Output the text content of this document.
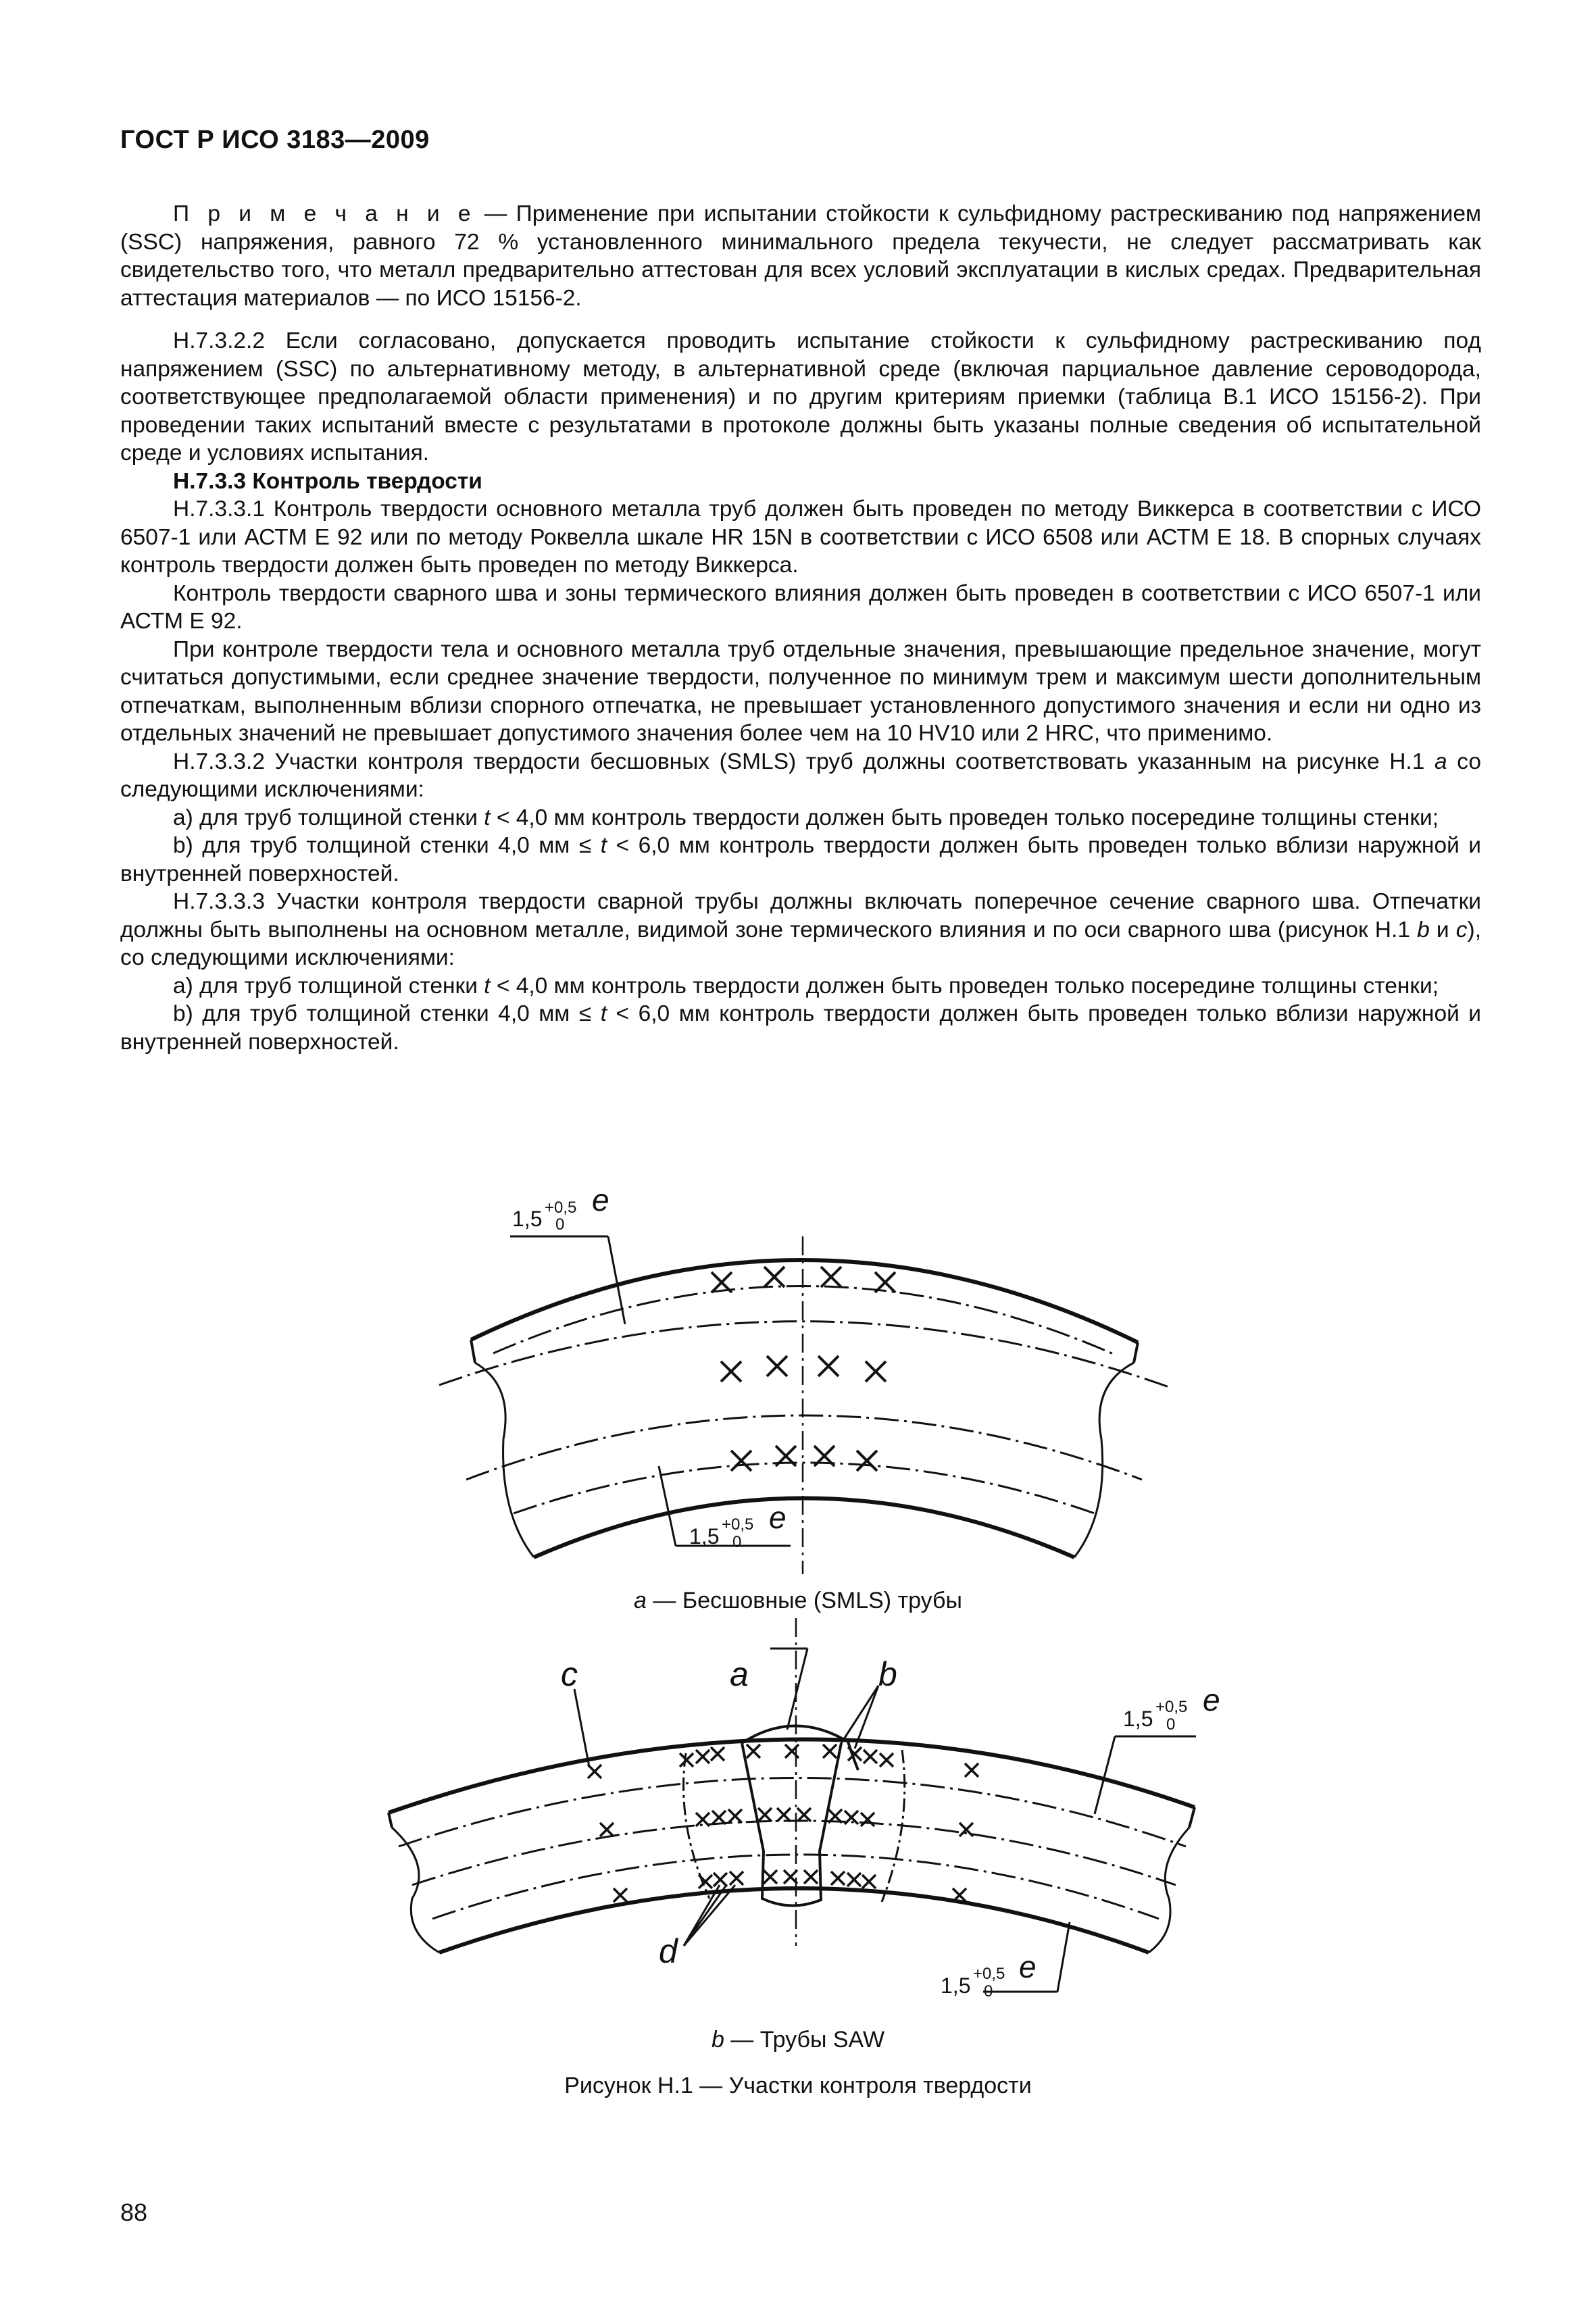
ГОСТ Р ИСО 3183—2009

П р и м е ч а н и е — Применение при испытании стойкости к сульфидному растрескиванию под напряжением (SSC) напряжения, равного 72 % установленного минимального предела текучести, не следует рассматривать как свидетельство того, что металл предварительно аттестован для всех условий эксплуатации в кислых средах. Предварительная аттестация материалов — по ИСО 15156-2.

Н.7.3.2.2 Если согласовано, допускается проводить испытание стойкости к сульфидному растрескиванию под напряжением (SSC) по альтернативному методу, в альтернативной среде (включая парциальное давление сероводорода, соответствующее предполагаемой области применения) и по другим критериям приемки (таблица В.1 ИСО 15156-2). При проведении таких испытаний вместе с результатами в протоколе должны быть указаны полные сведения об испытательной среде и условиях испытания.

Н.7.3.3 Контроль твердости

Н.7.3.3.1 Контроль твердости основного металла труб должен быть проведен по методу Виккерса в соответствии с ИСО 6507-1 или АСТМ Е 92 или по методу Роквелла шкале HR 15N в соответствии с ИСО 6508 или АСТМ Е 18. В спорных случаях контроль твердости должен быть проведен по методу Виккерса.

Контроль твердости сварного шва и зоны термического влияния должен быть проведен в соответствии с ИСО 6507-1 или АСТМ Е 92.

При контроле твердости тела и основного металла труб отдельные значения, превышающие предельное значение, могут считаться допустимыми, если среднее значение твердости, полученное по минимум трем и максимум шести дополнительным отпечаткам, выполненным вблизи спорного отпечатка, не превышает установленного допустимого значения и если ни одно из отдельных значений не превышает допустимого значения более чем на 10 HV10 или 2 HRC, что применимо.

Н.7.3.3.2 Участки контроля твердости бесшовных (SMLS) труб должны соответствовать указанным на рисунке Н.1 а со следующими исключениями:

а) для труб толщиной стенки t < 4,0 мм контроль твердости должен быть проведен только посередине толщины стенки;

b) для труб толщиной стенки 4,0 мм ≤ t < 6,0 мм контроль твердости должен быть проведен только вблизи наружной и внутренней поверхностей.

Н.7.3.3.3 Участки контроля твердости сварной трубы должны включать поперечное сечение сварного шва. Отпечатки должны быть выполнены на основном металле, видимой зоне термического влияния и по оси сварного шва (рисунок Н.1 b и c), со следующими исключениями:

а) для труб толщиной стенки t < 4,0 мм контроль твердости должен быть проведен только посередине толщины стенки;

b) для труб толщиной стенки 4,0 мм ≤ t < 6,0 мм контроль твердости должен быть проведен только вблизи наружной и внутренней поверхностей.

1,5 +0,5
0
e
1,5 +0,5
0
e
c	a	b
d
1,5 +0,5
0
e
1,5 +0,5
0
e
a — Бесшовные (SMLS) трубы
b — Трубы SAW
Рисунок Н.1 — Участки контроля твердости
88
